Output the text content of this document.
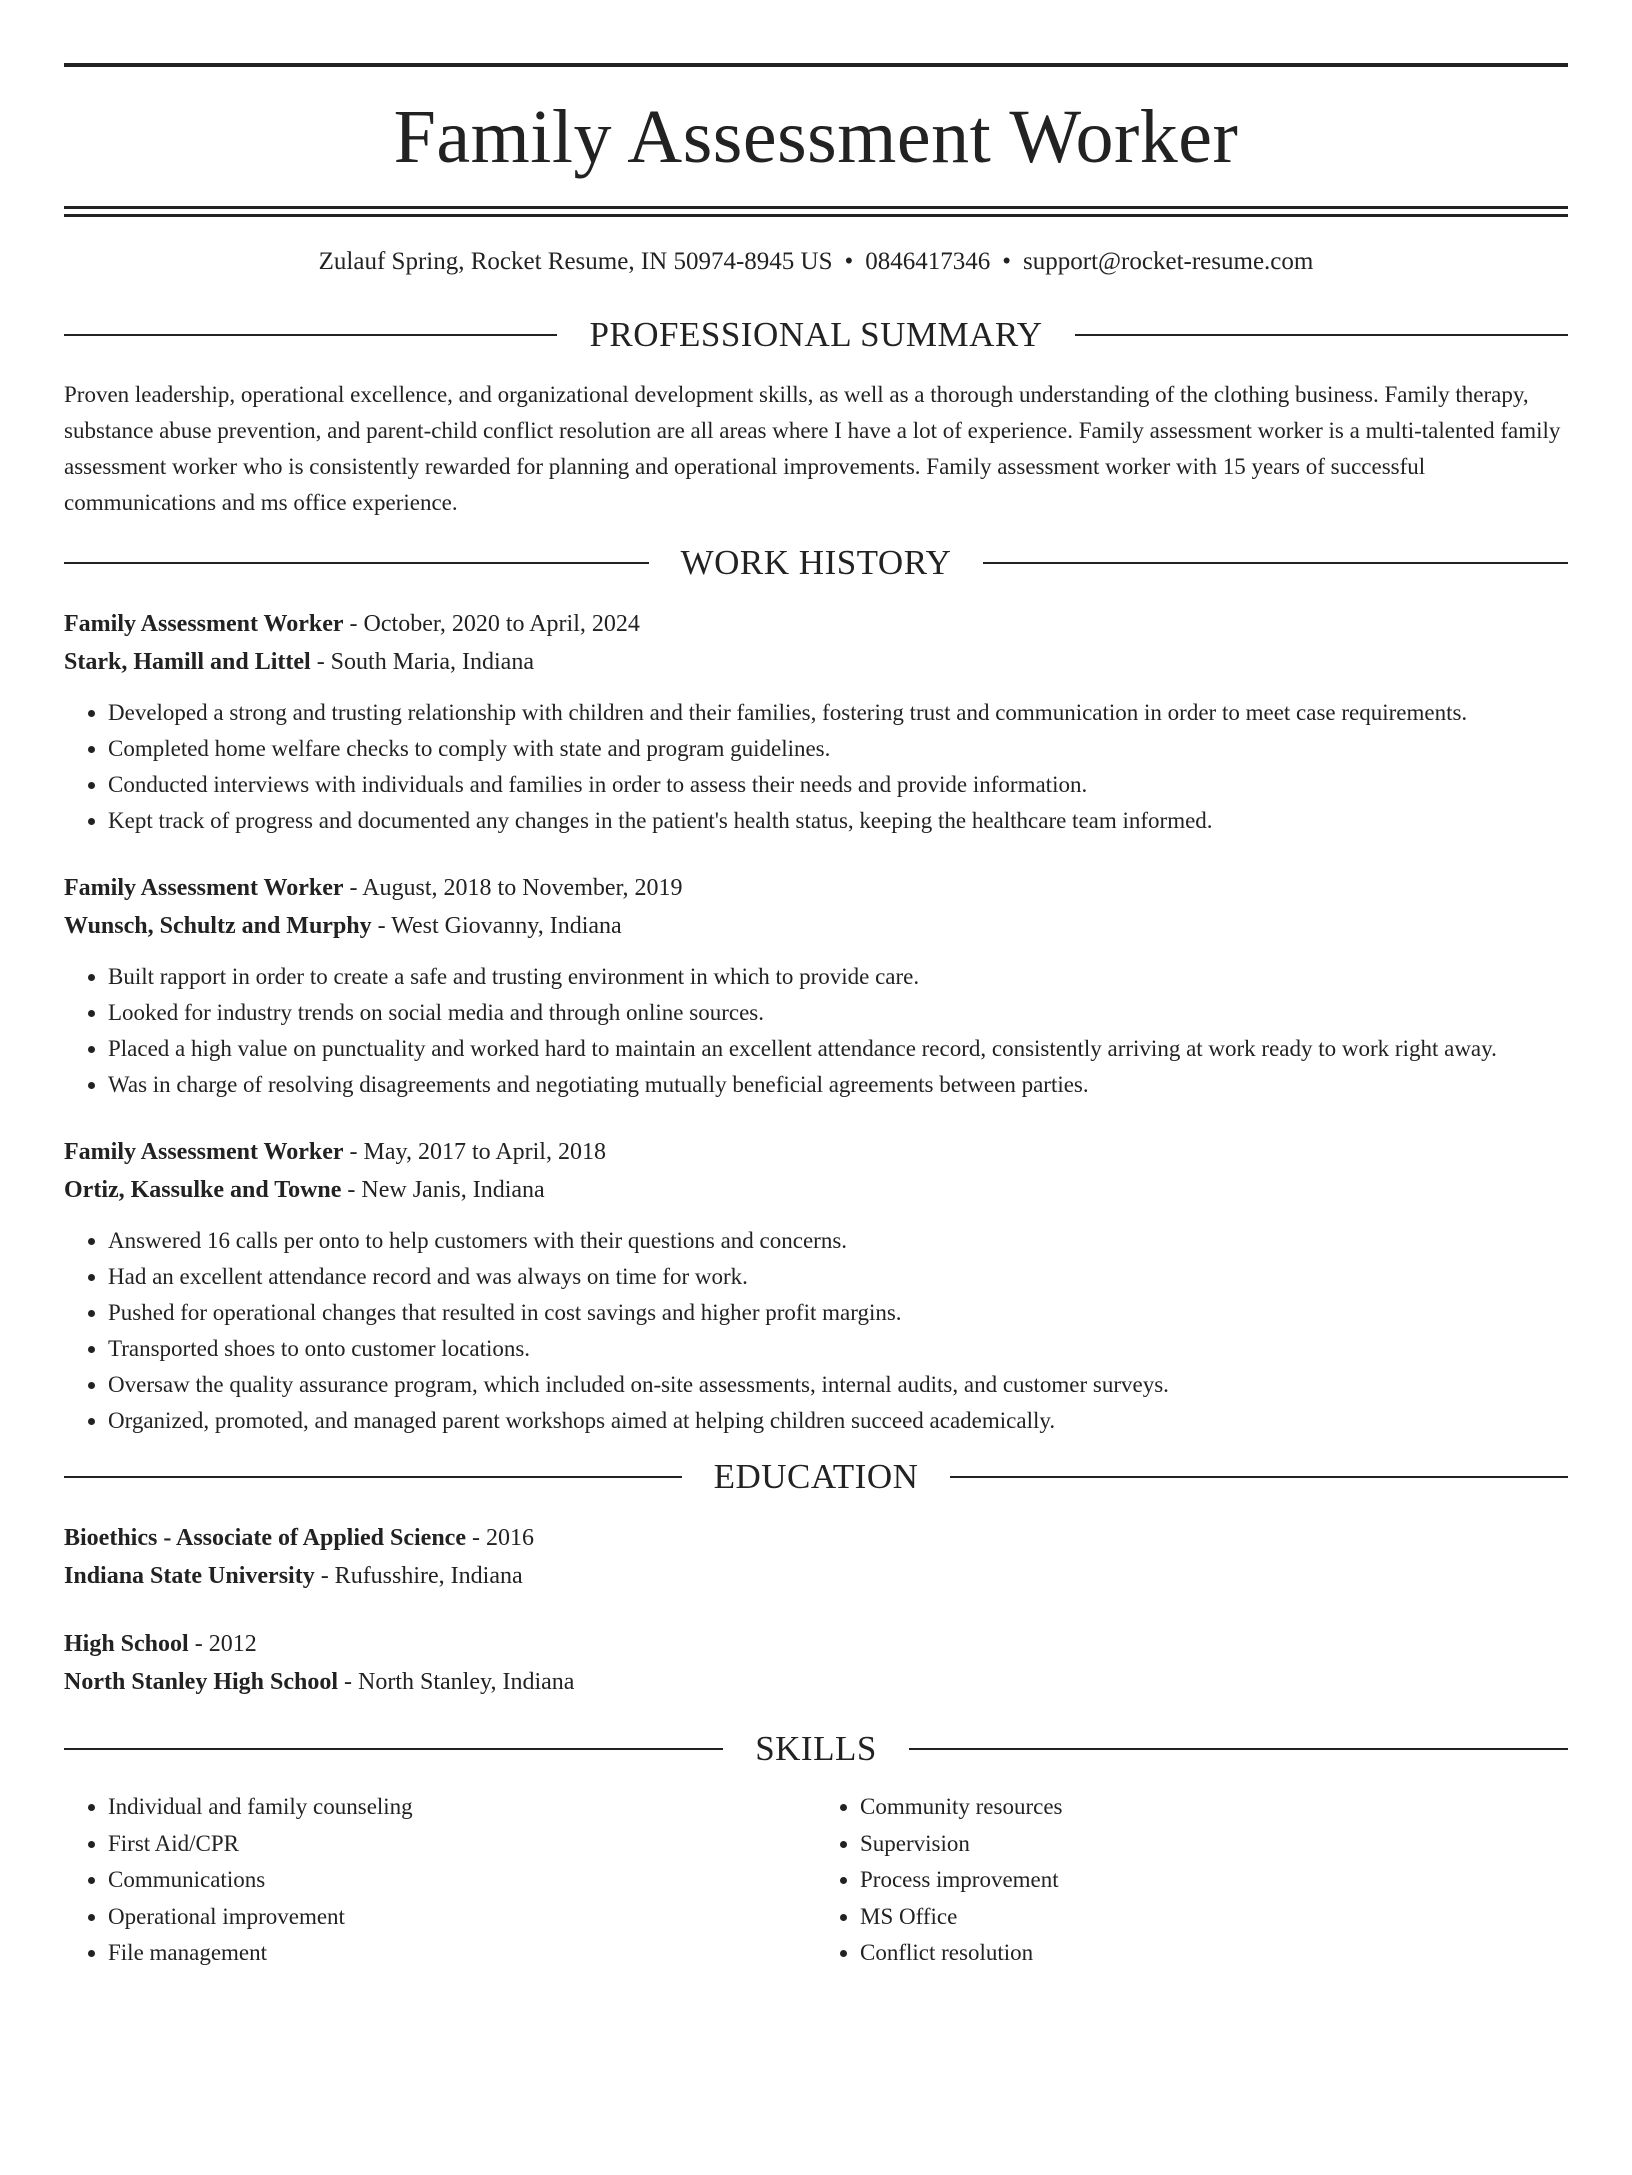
Family Assessment Worker
Zulauf Spring, Rocket Resume, IN 50974-8945 US • 0846417346 • support@rocket-resume.com
PROFESSIONAL SUMMARY

Proven leadership, operational excellence, and organizational development skills, as well as a thorough understanding of the clothing business. Family therapy, substance abuse prevention, and parent-child conflict resolution are all areas where I have a lot of experience. Family assessment worker is a multi-talented family assessment worker who is consistently rewarded for planning and operational improvements. Family assessment worker with 15 years of successful communications and ms office experience.

WORK HISTORY
Family Assessment Worker - October, 2020 to April, 2024
Stark, Hamill and Littel - South Maria, Indiana
• Developed a strong and trusting relationship with children and their families, fostering trust and communication in order to meet case requirements.
• Completed home welfare checks to comply with state and program guidelines.
• Conducted interviews with individuals and families in order to assess their needs and provide information.
• Kept track of progress and documented any changes in the patient's health status, keeping the healthcare team informed.
Family Assessment Worker - August, 2018 to November, 2019
Wunsch, Schultz and Murphy - West Giovanny, Indiana
• Built rapport in order to create a safe and trusting environment in which to provide care.
• Looked for industry trends on social media and through online sources.
• Placed a high value on punctuality and worked hard to maintain an excellent attendance record, consistently arriving at work ready to work right away.
• Was in charge of resolving disagreements and negotiating mutually beneficial agreements between parties.
Family Assessment Worker - May, 2017 to April, 2018
Ortiz, Kassulke and Towne - New Janis, Indiana
• Answered 16 calls per onto to help customers with their questions and concerns.
• Had an excellent attendance record and was always on time for work.
• Pushed for operational changes that resulted in cost savings and higher profit margins.
• Transported shoes to onto customer locations.
• Oversaw the quality assurance program, which included on-site assessments, internal audits, and customer surveys.
• Organized, promoted, and managed parent workshops aimed at helping children succeed academically.
EDUCATION
Bioethics - Associate of Applied Science - 2016
Indiana State University - Rufusshire, Indiana
High School - 2012
North Stanley High School - North Stanley, Indiana
SKILLS
• Individual and family counseling
• First Aid/CPR
• Communications
• Operational improvement
• File management
• Community resources
• Supervision
• Process improvement
• MS Office
• Conflict resolution
